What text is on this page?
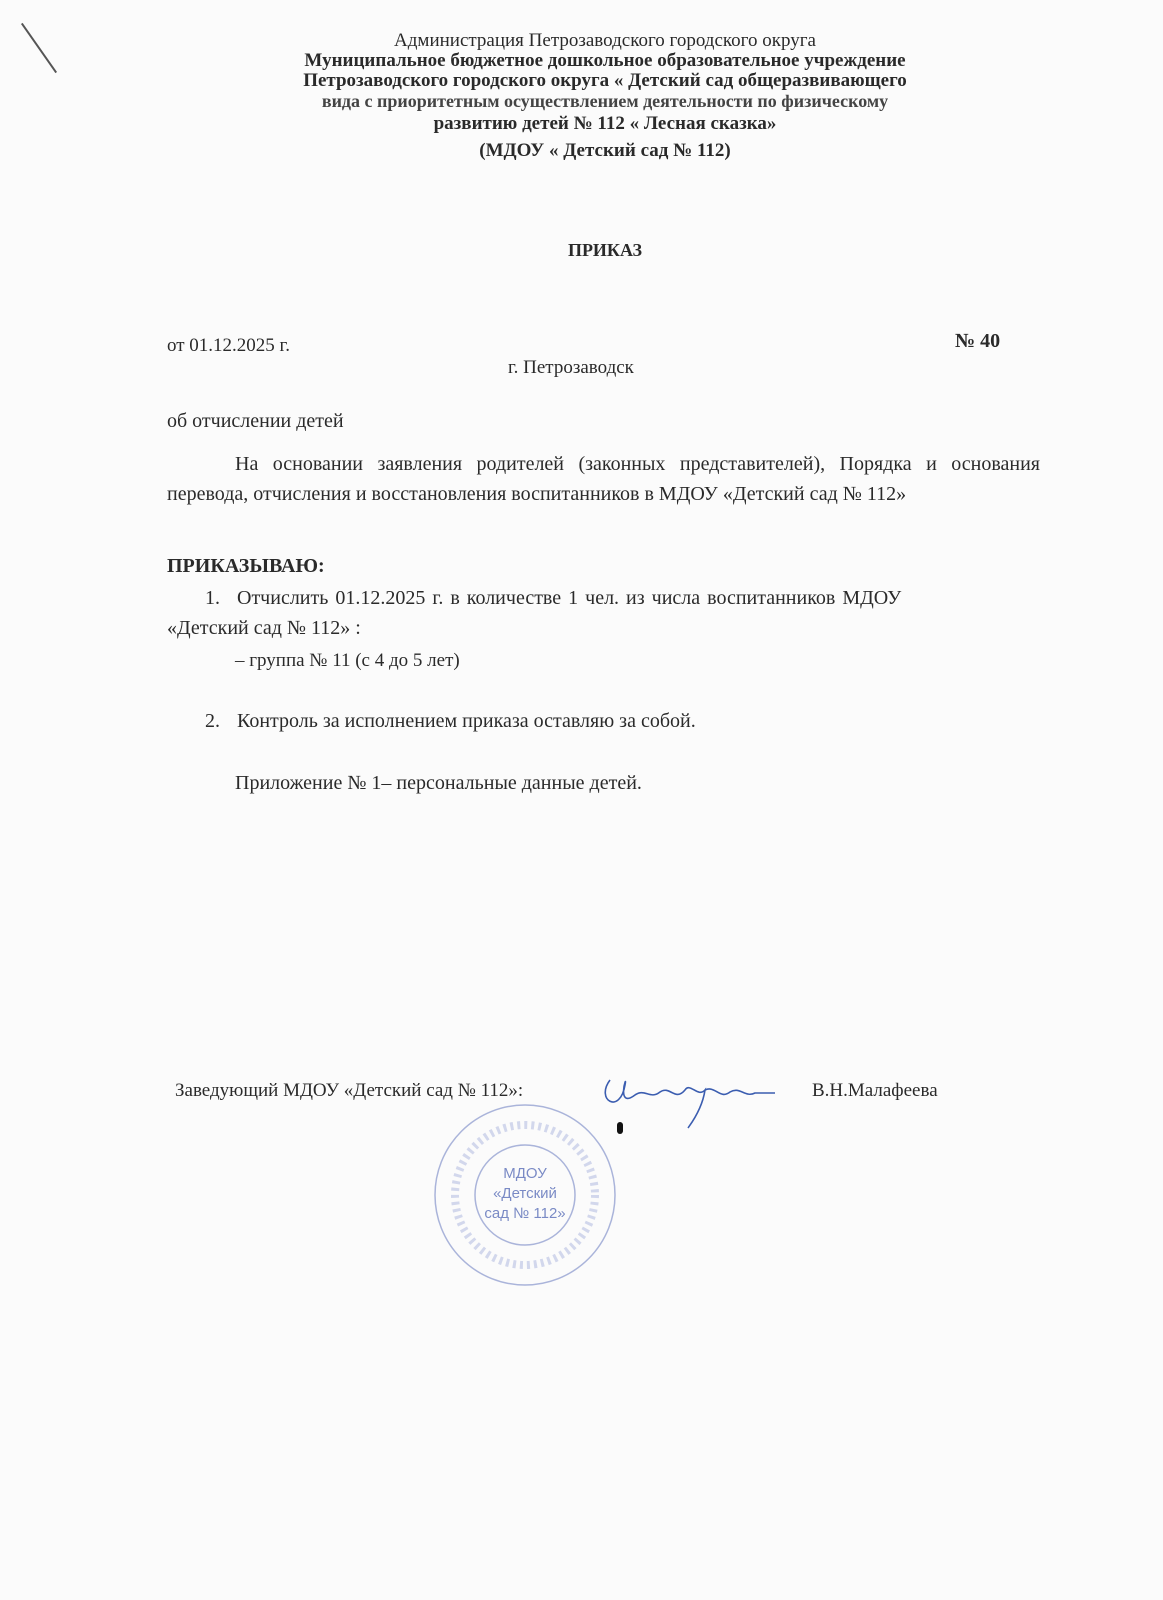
Администрация Петрозаводского городского округа
Муниципальное бюджетное дошкольное образовательное учреждение
Петрозаводского городского округа « Детский сад общеразвивающего
вида с приоритетным осуществлением деятельности по физическому
развитию детей № 112 « Лесная сказка»
(МДОУ « Детский сад № 112)
ПРИКАЗ
от 01.12.2025 г.	№ 40
г. Петрозаводск
об отчислении детей

На основании заявления родителей (законных представителей), Порядка и основания перевода, отчисления и восстановления воспитанников в МДОУ «Детский сад № 112»

ПРИКАЗЫВАЮ:
1. Отчислить 01.12.2025 г. в количестве 1 чел. из числа воспитанников МДОУ
«Детский сад № 112» :
– группа № 11 (с 4 до 5 лет)
2. Контроль за исполнением приказа оставляю за собой.
Приложение № 1– персональные данные детей.
МДОУ
«Детский
сад № 112»
Заведующий МДОУ «Детский сад № 112»:	В.Н.Малафеева
